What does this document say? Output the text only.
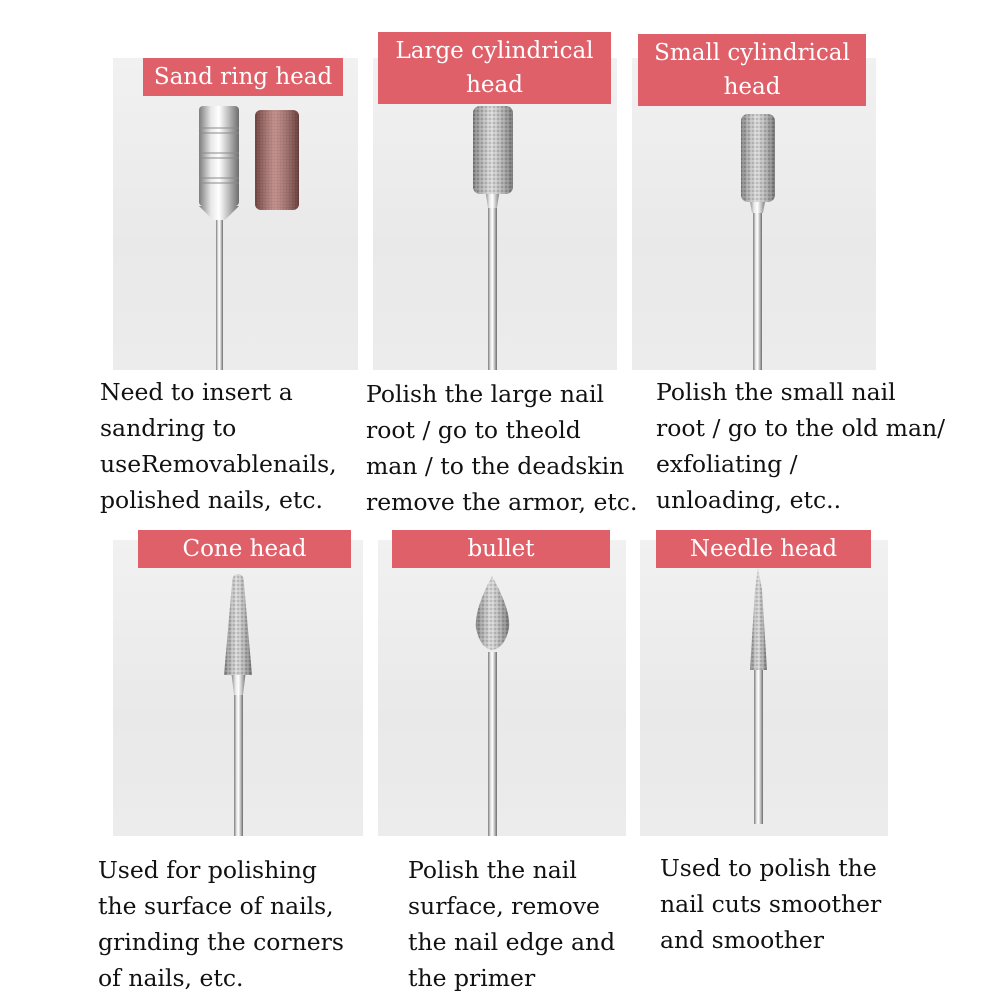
Sand ring head
Large cylindrical
head
Small cylindrical
head
Need to insert a
sandring to
useRemovablenails,
polished nails, etc.
Polish the large nail
root / go to theold
man / to the deadskin
remove the armor, etc.
Polish the small nail
root / go to the old man/
exfoliating /
unloading, etc..
Cone head	bullet	Needle head
Used for polishing
the surface of nails,
grinding the corners
of nails, etc.
Polish the nail
surface, remove
the nail edge and
the primer
Used to polish the
nail cuts smoother
and smoother
